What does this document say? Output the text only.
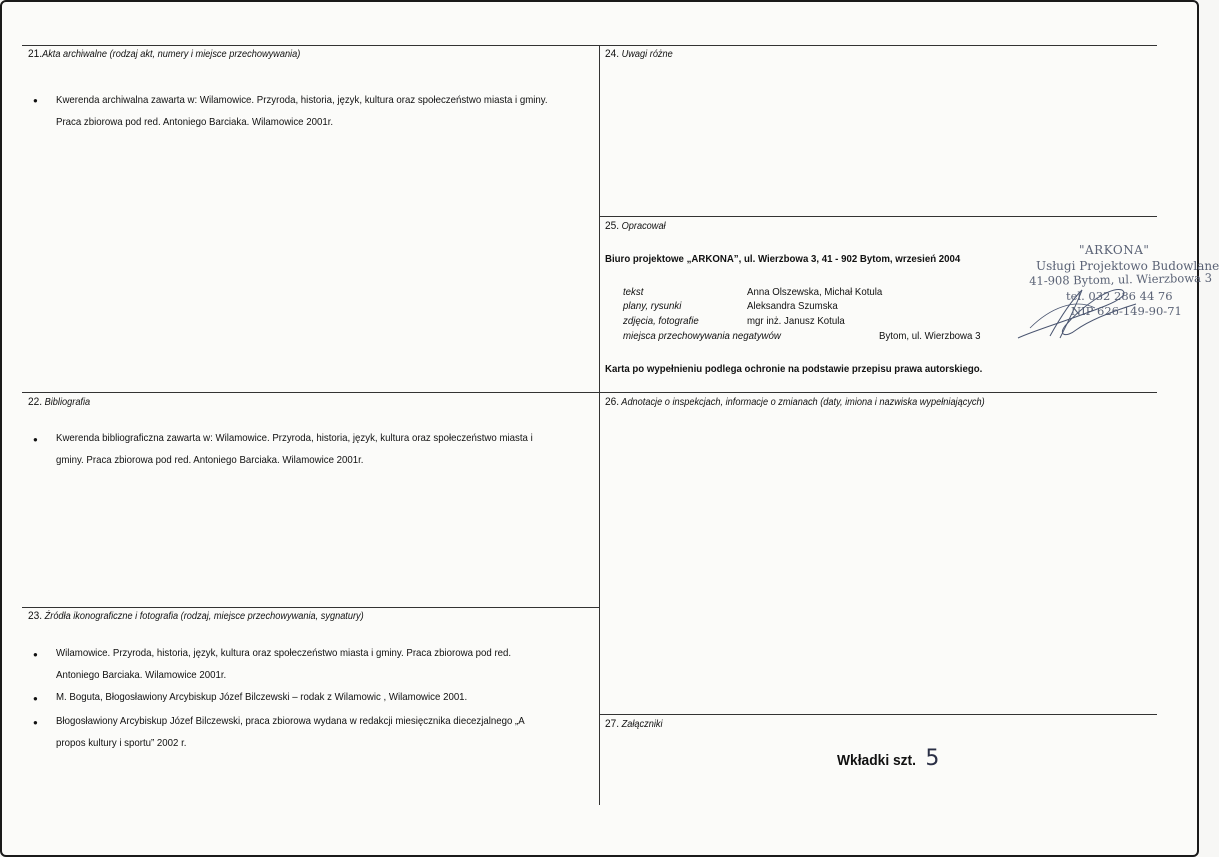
21.Akta archiwalne (rodzaj akt, numery i miejsce przechowywania)
● Kwerenda archiwalna zawarta w: Wilamowice. Przyroda, historia, język, kultura oraz społeczeństwo miasta i gminy.
Praca zbiorowa pod red. Antoniego Barciaka. Wilamowice 2001r.
22. Bibliografia
● Kwerenda bibliograficzna zawarta w: Wilamowice. Przyroda, historia, język, kultura oraz społeczeństwo miasta i
gminy. Praca zbiorowa pod red. Antoniego Barciaka. Wilamowice 2001r.
23. Źródła ikonograficzne i fotografia (rodzaj, miejsce przechowywania, sygnatury)
● Wilamowice. Przyroda, historia, język, kultura oraz społeczeństwo miasta i gminy. Praca zbiorowa pod red.
Antoniego Barciaka. Wilamowice 2001r.
● M. Boguta, Błogosławiony Arcybiskup Józef Bilczewski – rodak z Wilamowic , Wilamowice 2001.
● Błogosławiony Arcybiskup Józef Bilczewski, praca zbiorowa wydana w redakcji miesięcznika diecezjalnego „A
propos kultury i sportu” 2002 r.
24. Uwagi różne
25. Opracował
Biuro projektowe „ARKONA”, ul. Wierzbowa 3, 41 - 902 Bytom, wrzesień 2004
tekst	Anna Olszewska, Michał Kotula
plany, rysunki	Aleksandra Szumska
zdjęcia, fotografie	mgr inż. Janusz Kotula
miejsca przechowywania negatywów	Bytom, ul. Wierzbowa 3
Karta po wypełnieniu podlega ochronie na podstawie przepisu prawa autorskiego.
"ARKONA"
Usługi Projektowo Budowlane
41-908 Bytom, ul. Wierzbowa 3
tel. 032 286 44 76
NIP 626-149-90-71
26. Adnotacje o inspekcjach, informacje o zmianach (daty, imiona i nazwiska wypełniających)
27. Załączniki
Wkładki szt. 5
